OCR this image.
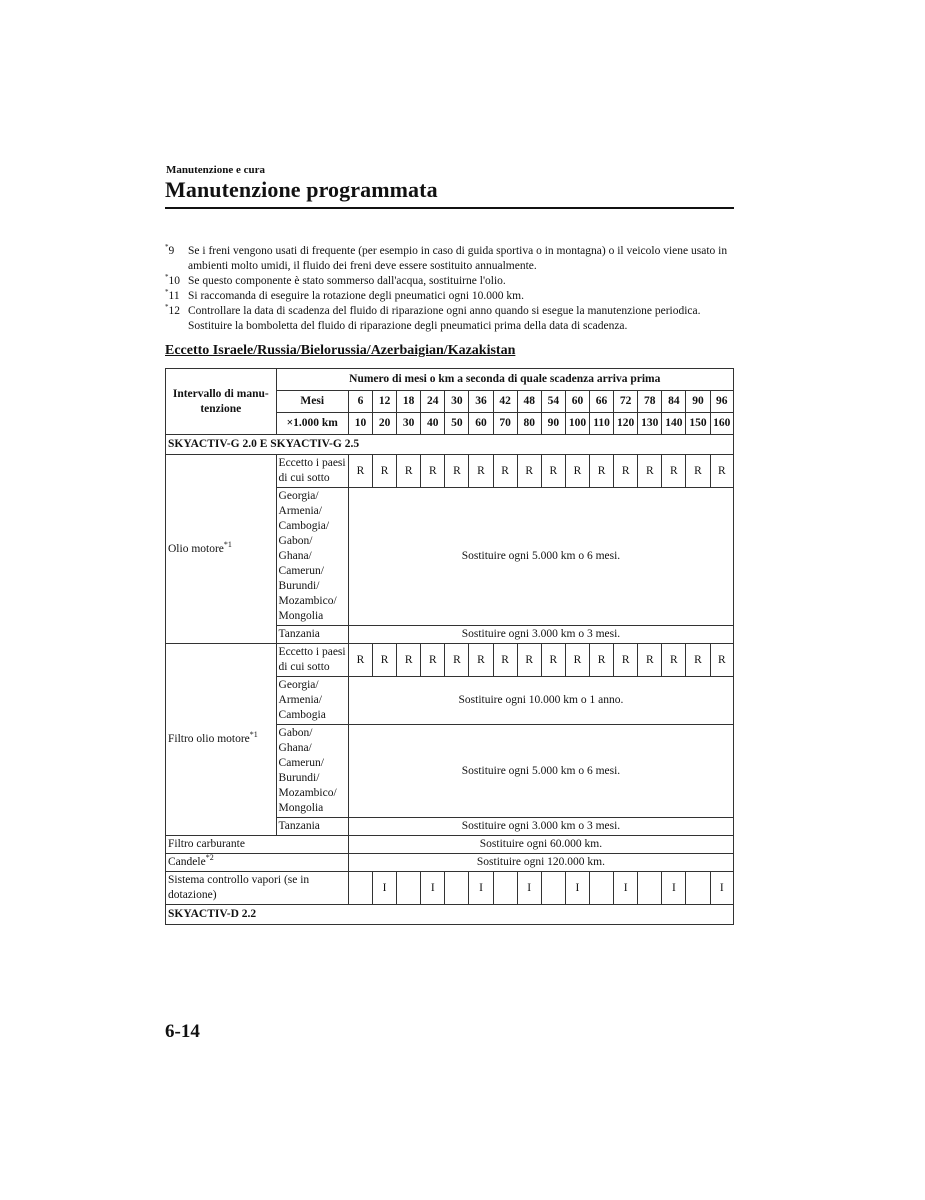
Manutenzione e cura
Manutenzione programmata
*9	Se i freni vengono usati di frequente (per esempio in caso di guida sportiva o in montagna) o il veicolo viene usato in ambienti molto umidi, il fluido dei freni deve essere sostituito annualmente.
*10 Se questo componente è stato sommerso dall'acqua, sostituirne l'olio.
*11 Si raccomanda di eseguire la rotazione degli pneumatici ogni 10.000 km.
*12 Controllare la data di scadenza del fluido di riparazione ogni anno quando si esegue la manutenzione periodica. Sostituire la bomboletta del fluido di riparazione degli pneumatici prima della data di scadenza.
Eccetto Israele/Russia/Bielorussia/Azerbaigian/Kazakistan
Intervallo di manu-tenzione	Numero di mesi o km a seconda di quale scadenza arriva prima																
	Mesi	6	12	18	24	30	36	42	48	54	60	66	72	78	84	90	96
	×1.000 km	10	20	30	40	50	60	70	80	90	100	110	120	130	140	150	160
SKYACTIV-G 2.0 E SKYACTIV-G 2.5																	
Olio motore$^{*1}$	Eccetto i paesi di cui sotto	R	R	R	R	R	R	R	R	R	R	R	R	R	R	R	R
	Georgia/ Armenia/ Cambogia/ Gabon/ Ghana/ Camerun/ Burundi/ Mozambico/ Mongolia	Sostituire ogni 5.000 km o 6 mesi.															
	Tanzania	Sostituire ogni 3.000 km o 3 mesi.															
Filtro olio motore$^{*1}$	Eccetto i paesi di cui sotto	R	R	R	R	R	R	R	R	R	R	R	R	R	R	R	R
	Georgia/ Armenia/ Cambogia	Sostituire ogni 10.000 km o 1 anno.															
	Gabon/ Ghana/ Camerun/ Burundi/ Mozambico/ Mongolia	Sostituire ogni 5.000 km o 6 mesi.															
	Tanzania	Sostituire ogni 3.000 km o 3 mesi.															
Filtro carburante		Sostituire ogni 60.000 km.															
Candele$^{*2}$		Sostituire ogni 120.000 km.															
Sistema controllo vapori (se in dotazione)			I		I		I		I		I		I		I		I
SKYACTIV-D 2.2																	
6-14
